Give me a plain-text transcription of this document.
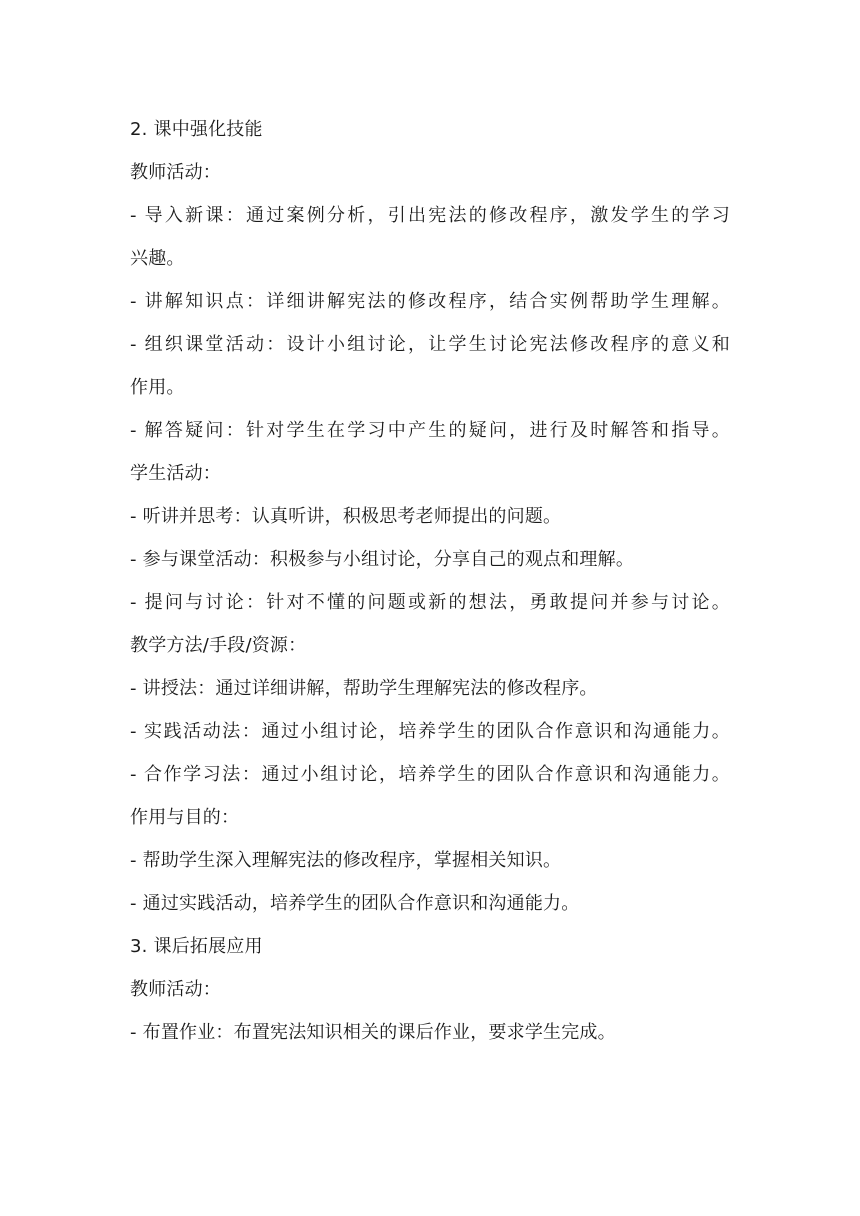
2. 课中强化技能
教师活动：
- 导入新课：通过案例分析，引出宪法的修改程序，激发学生的学习
兴趣。
- 讲解知识点：详细讲解宪法的修改程序，结合实例帮助学生理解。
- 组织课堂活动：设计小组讨论，让学生讨论宪法修改程序的意义和
作用。
- 解答疑问：针对学生在学习中产生的疑问，进行及时解答和指导。
学生活动：
- 听讲并思考：认真听讲，积极思考老师提出的问题。
- 参与课堂活动：积极参与小组讨论，分享自己的观点和理解。
- 提问与讨论：针对不懂的问题或新的想法，勇敢提问并参与讨论。
教学方法/手段/资源：
- 讲授法：通过详细讲解，帮助学生理解宪法的修改程序。
- 实践活动法：通过小组讨论，培养学生的团队合作意识和沟通能力。
- 合作学习法：通过小组讨论，培养学生的团队合作意识和沟通能力。
作用与目的：
- 帮助学生深入理解宪法的修改程序，掌握相关知识。
- 通过实践活动，培养学生的团队合作意识和沟通能力。
3. 课后拓展应用
教师活动：
- 布置作业：布置宪法知识相关的课后作业，要求学生完成。
